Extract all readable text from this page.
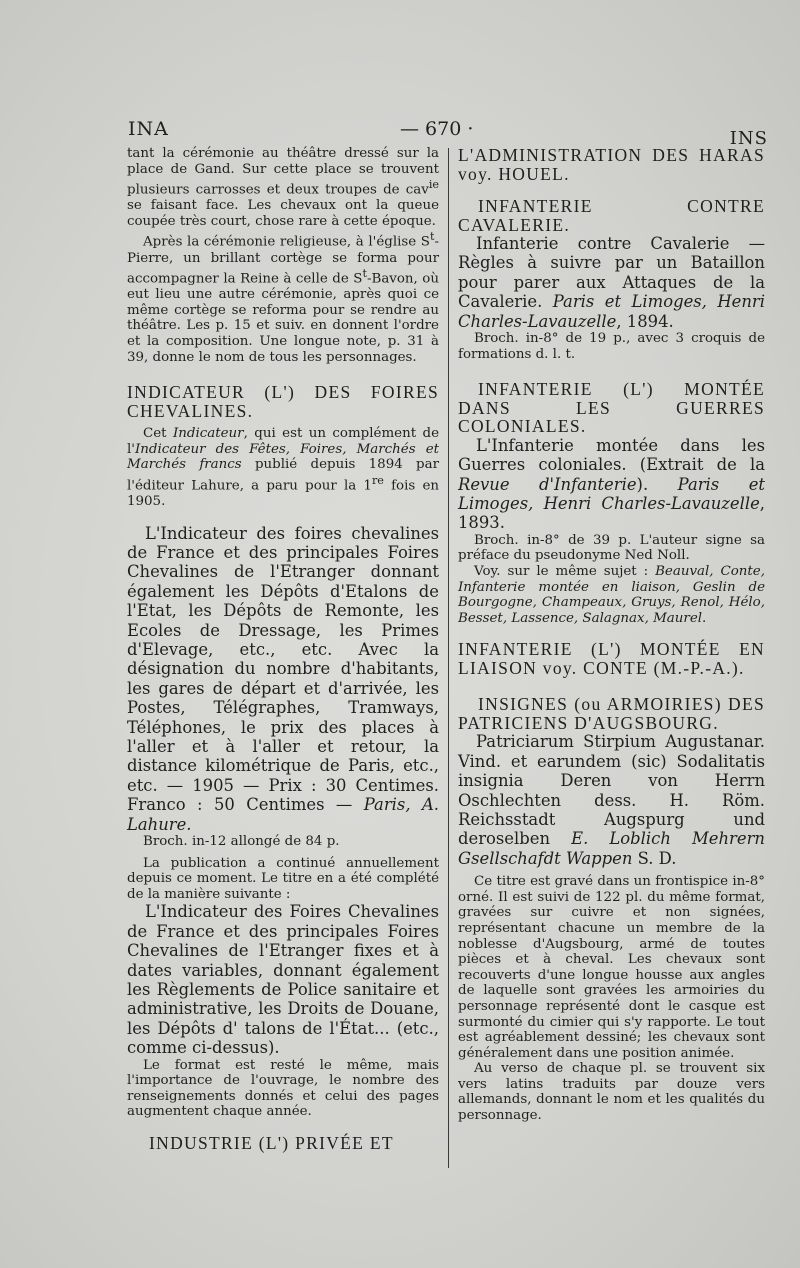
INA	— 670 ·	INS

tant la cérémonie au théâtre dressé sur la place de Gand. Sur cette place se trouvent plusieurs carrosses et deux troupes de cav$^{ie}$ se faisant face. Les chevaux ont la queue coupée très court, chose rare à cette époque.

Après la cérémonie religieuse, à l'église $S^t$-Pierre, un brillant cortège se forma pour accompagner la Reine à celle de $S^t$-Bavon, où eut lieu une autre cérémonie, après quoi ce même cortège se reforma pour se rendre au théâtre. Les p. 15 et suiv. en donnent l'ordre et la composition. Une longue note, p. 31 à 39, donne le nom de tous les personnages.

INDICATEUR (L') DES FOIRES CHEVALINES.

Cet Indicateur, qui est un complément de l'Indicateur des Fêtes, Foires, Marchés et Marchés francs publié depuis 1894 par l'éditeur Lahure, a paru pour la 1re fois en 1905.

L'Indicateur des foires chevalines de France et des principales Foires Chevalines de l'Etranger donnant également les Dépôts d'Etalons de l'Etat, les Dépôts de Remonte, les Ecoles de Dressage, les Primes d'Elevage, etc., etc. Avec la désignation du nombre d'habitants, les gares de départ et d'arrivée, les Postes, Télégraphes, Tramways, Téléphones, le prix des places à l'aller et à l'aller et retour, la distance kilométrique de Paris, etc., etc. — 1905 — Prix : 30 Centimes. Franco : 50 Centimes — Paris, A. Lahure.

Broch. in-12 allongé de 84 p.

La publication a continué annuellement depuis ce moment. Le titre en a été complété de la manière suivante :

L'Indicateur des Foires Chevalines de France et des principales Foires Chevalines de l'Etranger fixes et à dates variables, donnant également les Règlements de Police sanitaire et administrative, les Droits de Douane, les Dépôts d' talons de l'État... (etc., comme ci-dessus).

Le format est resté le même, mais l'importance de l'ouvrage, le nombre des renseignements donnés et celui des pages augmentent chaque année.

INDUSTRIE (L') PRIVÉE ET

L'ADMINISTRATION DES HARAS voy. HOUEL.

INFANTERIE CONTRE CAVALERIE.

Infanterie contre Cavalerie — Règles à suivre par un Bataillon pour parer aux Attaques de la Cavalerie. Paris et Limoges, Henri Charles-Lavauzelle, 1894.

Broch. in-8° de 19 p., avec 3 croquis de formations d. l. t.

INFANTERIE (L') MONTÉE DANS LES GUERRES COLONIALES.

L'Infanterie montée dans les Guerres coloniales. (Extrait de la Revue d'Infanterie). Paris et Limoges, Henri Charles-Lavauzelle, 1893.

Broch. in-8° de 39 p. L'auteur signe sa préface du pseudonyme Ned Noll.

Voy. sur le même sujet : Beauval, Conte, Infanterie montée en liaison, Geslin de Bourgogne, Champeaux, Gruys, Renol, Hélo, Besset, Lassence, Salagnax, Maurel.

INFANTERIE (L') MONTÉE EN LIAISON voy. CONTE (M.-P.-A.).

INSIGNES (ou ARMOIRIES) DES PATRICIENS D'AUGSBOURG.

Patriciarum Stirpium Augustanar. Vind. et earundem (sic) Sodalitatis insignia Deren von Herrn Oschlechten dess. H. Röm. Reichsstadt Augspurg und deroselben E. Loblich Mehrern Gsellschafdt Wappen S. D.

Ce titre est gravé dans un frontispice in-8° orné. Il est suivi de 122 pl. du même format, gravées sur cuivre et non signées, représentant chacune un membre de la noblesse d'Augsbourg, armé de toutes pièces et à cheval. Les chevaux sont recouverts d'une longue housse aux angles de laquelle sont gravées les armoiries du personnage représenté dont le casque est surmonté du cimier qui s'y rapporte. Le tout est agréablement dessiné; les chevaux sont généralement dans une position animée.

Au verso de chaque pl. se trouvent six vers latins traduits par douze vers allemands, donnant le nom et les qualités du personnage.
